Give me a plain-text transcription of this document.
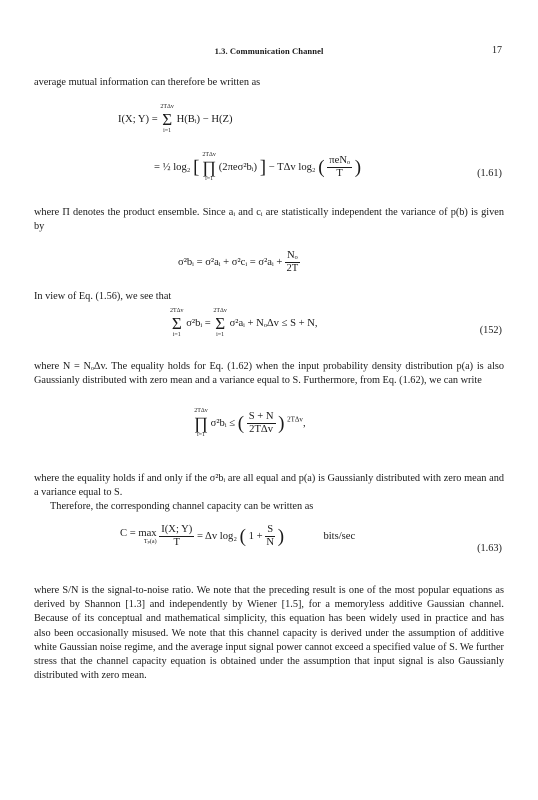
1.3. Communication Channel	17
average mutual information can therefore be written as
I(X; Y) =
2TΔv
Σ
i=1
H(Bᵢ) − H(Z)
= ½ log₂ [
2TΔv
∏
i=1
(2πeσ²bᵢ) ] − TΔv log₂ ( $\frac{\text{πeNₒ}}{T}$ )	(1.61)
where Π denotes the product ensemble. Since aᵢ and cᵢ are statistically independent the variance of p(b) is given by
σ²bᵢ = σ²aᵢ + σ²cᵢ = σ²aᵢ + $\frac{\text{Nₒ}}{2T}$
In view of Eq. (1.56), we see that
2TΔv
Σ
i=1
σ²bᵢ =
2TΔv
Σ
i=1
σ²aᵢ + NₒΔv ≤ S + N,
(152)
where N = NₒΔv. The equality holds for Eq. (1.62) when the input probability density distribution p(a) is also Gaussianly distributed with zero mean and a variance equal to S. Furthermore, from Eq. (1.62), we can write
2TΔv
∏
i=1
σ²bᵢ ≤ ( $\frac{S + N}{\text{2TΔv}}$ ) $^{2T\Delta v}$,
where the equality holds if and only if the σ²bᵢ are all equal and p(a) is Gaussianly distributed with zero mean and a variance equal to S.
Therefore, the corresponding channel capacity can be written as
C = max
Tₚ(a)
$\frac{I(X; Y)}{T} = \Delta v$ log₂ ( $1 + \frac{S}{N}$ )	bits/sec
(1.63)
where S/N is the signal-to-noise ratio. We note that the preceding result is one of the most popular equations as derived by Shannon [1.3] and independently by Wiener [1.5], for a memoryless additive Gaussian channel. Because of its conceptual and mathematical simplicity, this equation has been widely used in practice and has also been occasionally misused. We note that this channel capacity is derived under the assumption of additive white Gaussian noise regime, and the average input signal power cannot exceed a specified value of S. We further stress that the channel capacity equation is obtained under the assumption that input signal is also Gaussianly distributed with zero mean.
